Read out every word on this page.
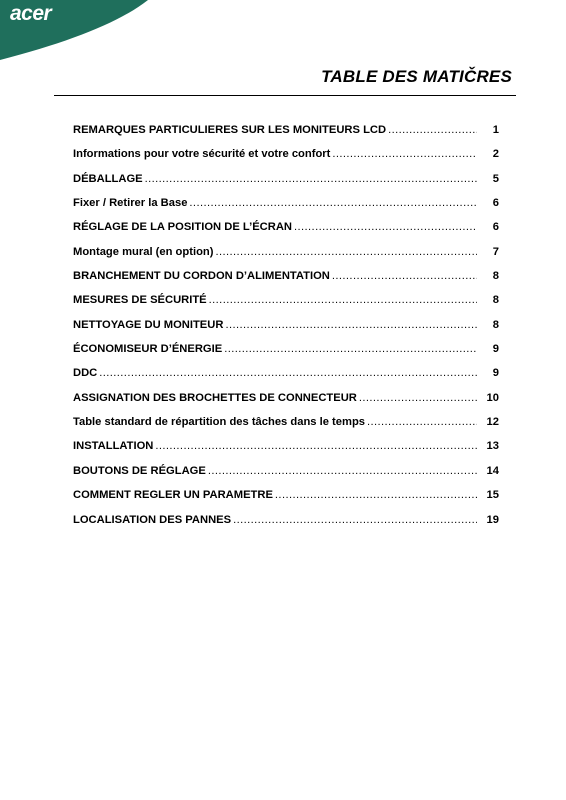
acer
TABLE DES MATIČRES
REMARQUES PARTICULIERES SUR LES MONITEURS LCD .....	1
Informations pour votre sécurité et votre confort .....	2
DÉBALLAGE .....	5
Fixer / Retirer la Base .....	6
RÉGLAGE DE LA POSITION DE L’ÉCRAN .....	6
Montage mural (en option) .....	7
BRANCHEMENT DU CORDON D’ALIMENTATION .....	8
MESURES DE SÉCURITÉ .....	8
NETTOYAGE DU MONITEUR .....	8
ÉCONOMISEUR D’ÉNERGIE .....	9
DDC .....	9
ASSIGNATION DES BROCHETTES DE CONNECTEUR .....	10
Table standard de répartition des tâches dans le temps .....	12
INSTALLATION .....	13
BOUTONS DE RÉGLAGE .....	14
COMMENT REGLER UN PARAMETRE .....	15
LOCALISATION DES PANNES .....	19
